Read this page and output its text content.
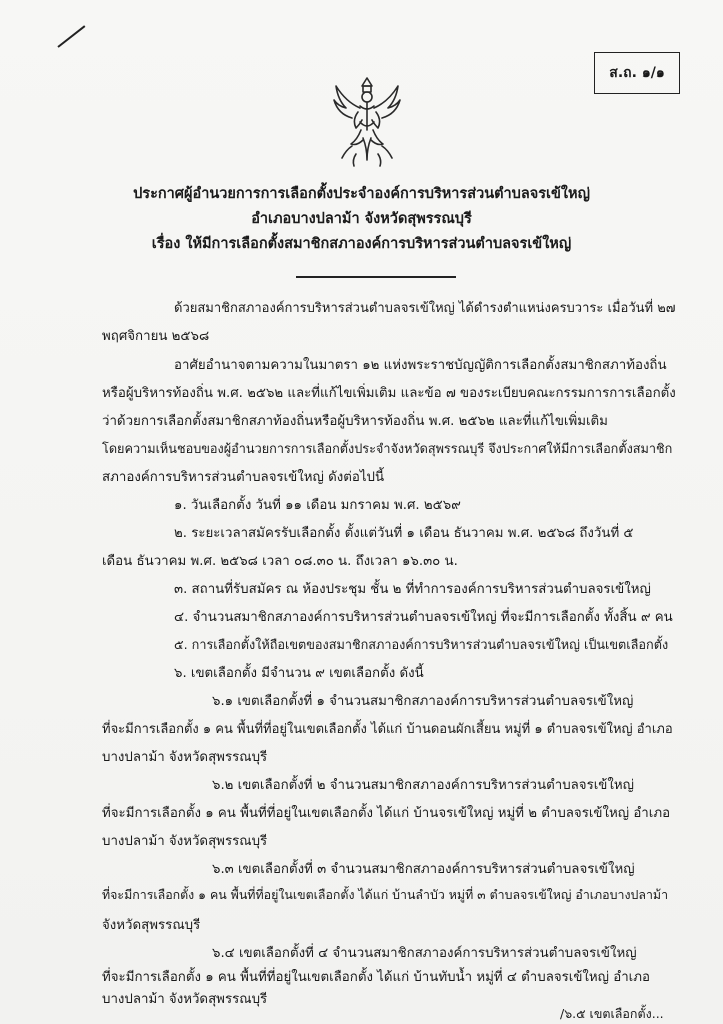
ส.ถ. ๑/๑
ประกาศผู้อำนวยการการเลือกตั้งประจำองค์การบริหารส่วนตำบลจรเข้ใหญ่
อำเภอบางปลาม้า จังหวัดสุพรรณบุรี
เรื่อง ให้มีการเลือกตั้งสมาชิกสภาองค์การบริหารส่วนตำบลจรเข้ใหญ่
ด้วยสมาชิกสภาองค์การบริหารส่วนตำบลจรเข้ใหญ่ ได้ดำรงตำแหน่งครบวาระ เมื่อวันที่ ๒๗
พฤศจิกายน ๒๕๖๘
อาศัยอำนาจตามความในมาตรา ๑๒ แห่งพระราชบัญญัติการเลือกตั้งสมาชิกสภาท้องถิ่น
หรือผู้บริหารท้องถิ่น พ.ศ. ๒๕๖๒ และที่แก้ไขเพิ่มเติม และข้อ ๗ ของระเบียบคณะกรรมการการเลือกตั้ง
ว่าด้วยการเลือกตั้งสมาชิกสภาท้องถิ่นหรือผู้บริหารท้องถิ่น พ.ศ. ๒๕๖๒ และที่แก้ไขเพิ่มเติม
โดยความเห็นชอบของผู้อำนวยการการเลือกตั้งประจำจังหวัดสุพรรณบุรี จึงประกาศให้มีการเลือกตั้งสมาชิก
สภาองค์การบริหารส่วนตำบลจรเข้ใหญ่ ดังต่อไปนี้
๑. วันเลือกตั้ง วันที่ ๑๑ เดือน มกราคม พ.ศ. ๒๕๖๙
๒. ระยะเวลาสมัครรับเลือกตั้ง ตั้งแต่วันที่ ๑ เดือน ธันวาคม พ.ศ. ๒๕๖๘ ถึงวันที่ ๕
เดือน ธันวาคม พ.ศ. ๒๕๖๘ เวลา ๐๘.๓๐ น. ถึงเวลา ๑๖.๓๐ น.
๓. สถานที่รับสมัคร ณ ห้องประชุม ชั้น ๒ ที่ทำการองค์การบริหารส่วนตำบลจรเข้ใหญ่
๔. จำนวนสมาชิกสภาองค์การบริหารส่วนตำบลจรเข้ใหญ่ ที่จะมีการเลือกตั้ง ทั้งสิ้น ๙ คน
๕. การเลือกตั้งให้ถือเขตของสมาชิกสภาองค์การบริหารส่วนตำบลจรเข้ใหญ่ เป็นเขตเลือกตั้ง
๖. เขตเลือกตั้ง มีจำนวน ๙ เขตเลือกตั้ง ดังนี้
๖.๑ เขตเลือกตั้งที่ ๑ จำนวนสมาชิกสภาองค์การบริหารส่วนตำบลจรเข้ใหญ่
ที่จะมีการเลือกตั้ง ๑ คน พื้นที่ที่อยู่ในเขตเลือกตั้ง ได้แก่ บ้านดอนผักเสี้ยน หมู่ที่ ๑ ตำบลจรเข้ใหญ่ อำเภอ
บางปลาม้า จังหวัดสุพรรณบุรี
๖.๒ เขตเลือกตั้งที่ ๒ จำนวนสมาชิกสภาองค์การบริหารส่วนตำบลจรเข้ใหญ่
ที่จะมีการเลือกตั้ง ๑ คน พื้นที่ที่อยู่ในเขตเลือกตั้ง ได้แก่ บ้านจรเข้ใหญ่ หมู่ที่ ๒ ตำบลจรเข้ใหญ่ อำเภอ
บางปลาม้า จังหวัดสุพรรณบุรี
๖.๓ เขตเลือกตั้งที่ ๓ จำนวนสมาชิกสภาองค์การบริหารส่วนตำบลจรเข้ใหญ่
ที่จะมีการเลือกตั้ง ๑ คน พื้นที่ที่อยู่ในเขตเลือกตั้ง ได้แก่ บ้านลำบัว หมู่ที่ ๓ ตำบลจรเข้ใหญ่ อำเภอบางปลาม้า
จังหวัดสุพรรณบุรี
๖.๔ เขตเลือกตั้งที่ ๔ จำนวนสมาชิกสภาองค์การบริหารส่วนตำบลจรเข้ใหญ่
ที่จะมีการเลือกตั้ง ๑ คน พื้นที่ที่อยู่ในเขตเลือกตั้ง ได้แก่ บ้านทับน้ำ หมู่ที่ ๔ ตำบลจรเข้ใหญ่ อำเภอ
บางปลาม้า จังหวัดสุพรรณบุรี
/๖.๕ เขตเลือกตั้ง...
